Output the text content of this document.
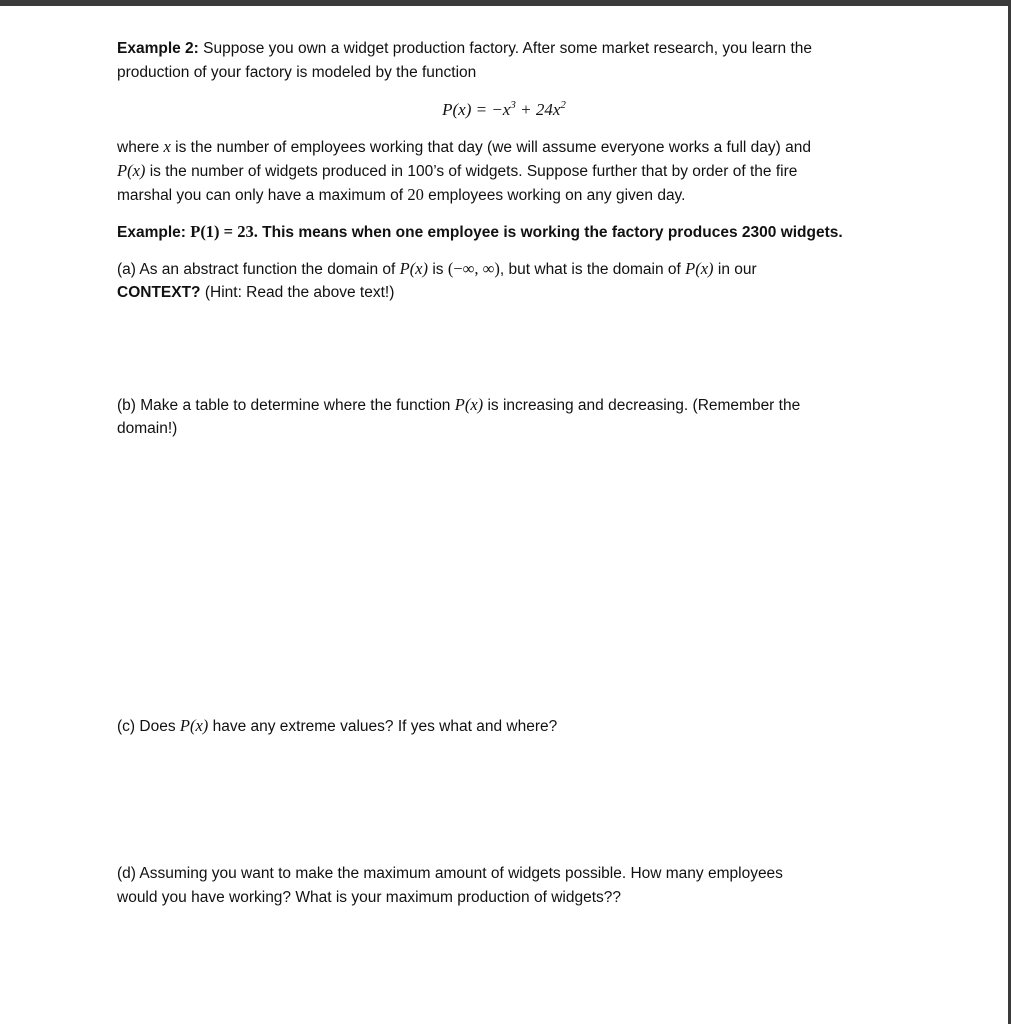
Example 2: Suppose you own a widget production factory. After some market research, you learn the
production of your factory is modeled by the function
$P(x) = -x^3 + 24x^2$
where x is the number of employees working that day (we will assume everyone works a full day) and
P(x) is the number of widgets produced in 100’s of widgets. Suppose further that by order of the fire
marshal you can only have a maximum of 20 employees working on any given day.
Example: P(1) = 23. This means when one employee is working the factory produces 2300 widgets.
(a) As an abstract function the domain of P(x) is (−∞, ∞), but what is the domain of P(x) in our
CONTEXT? (Hint: Read the above text!)
(b) Make a table to determine where the function P(x) is increasing and decreasing. (Remember the
domain!)
(c) Does P(x) have any extreme values? If yes what and where?
(d) Assuming you want to make the maximum amount of widgets possible. How many employees
would you have working? What is your maximum production of widgets??
